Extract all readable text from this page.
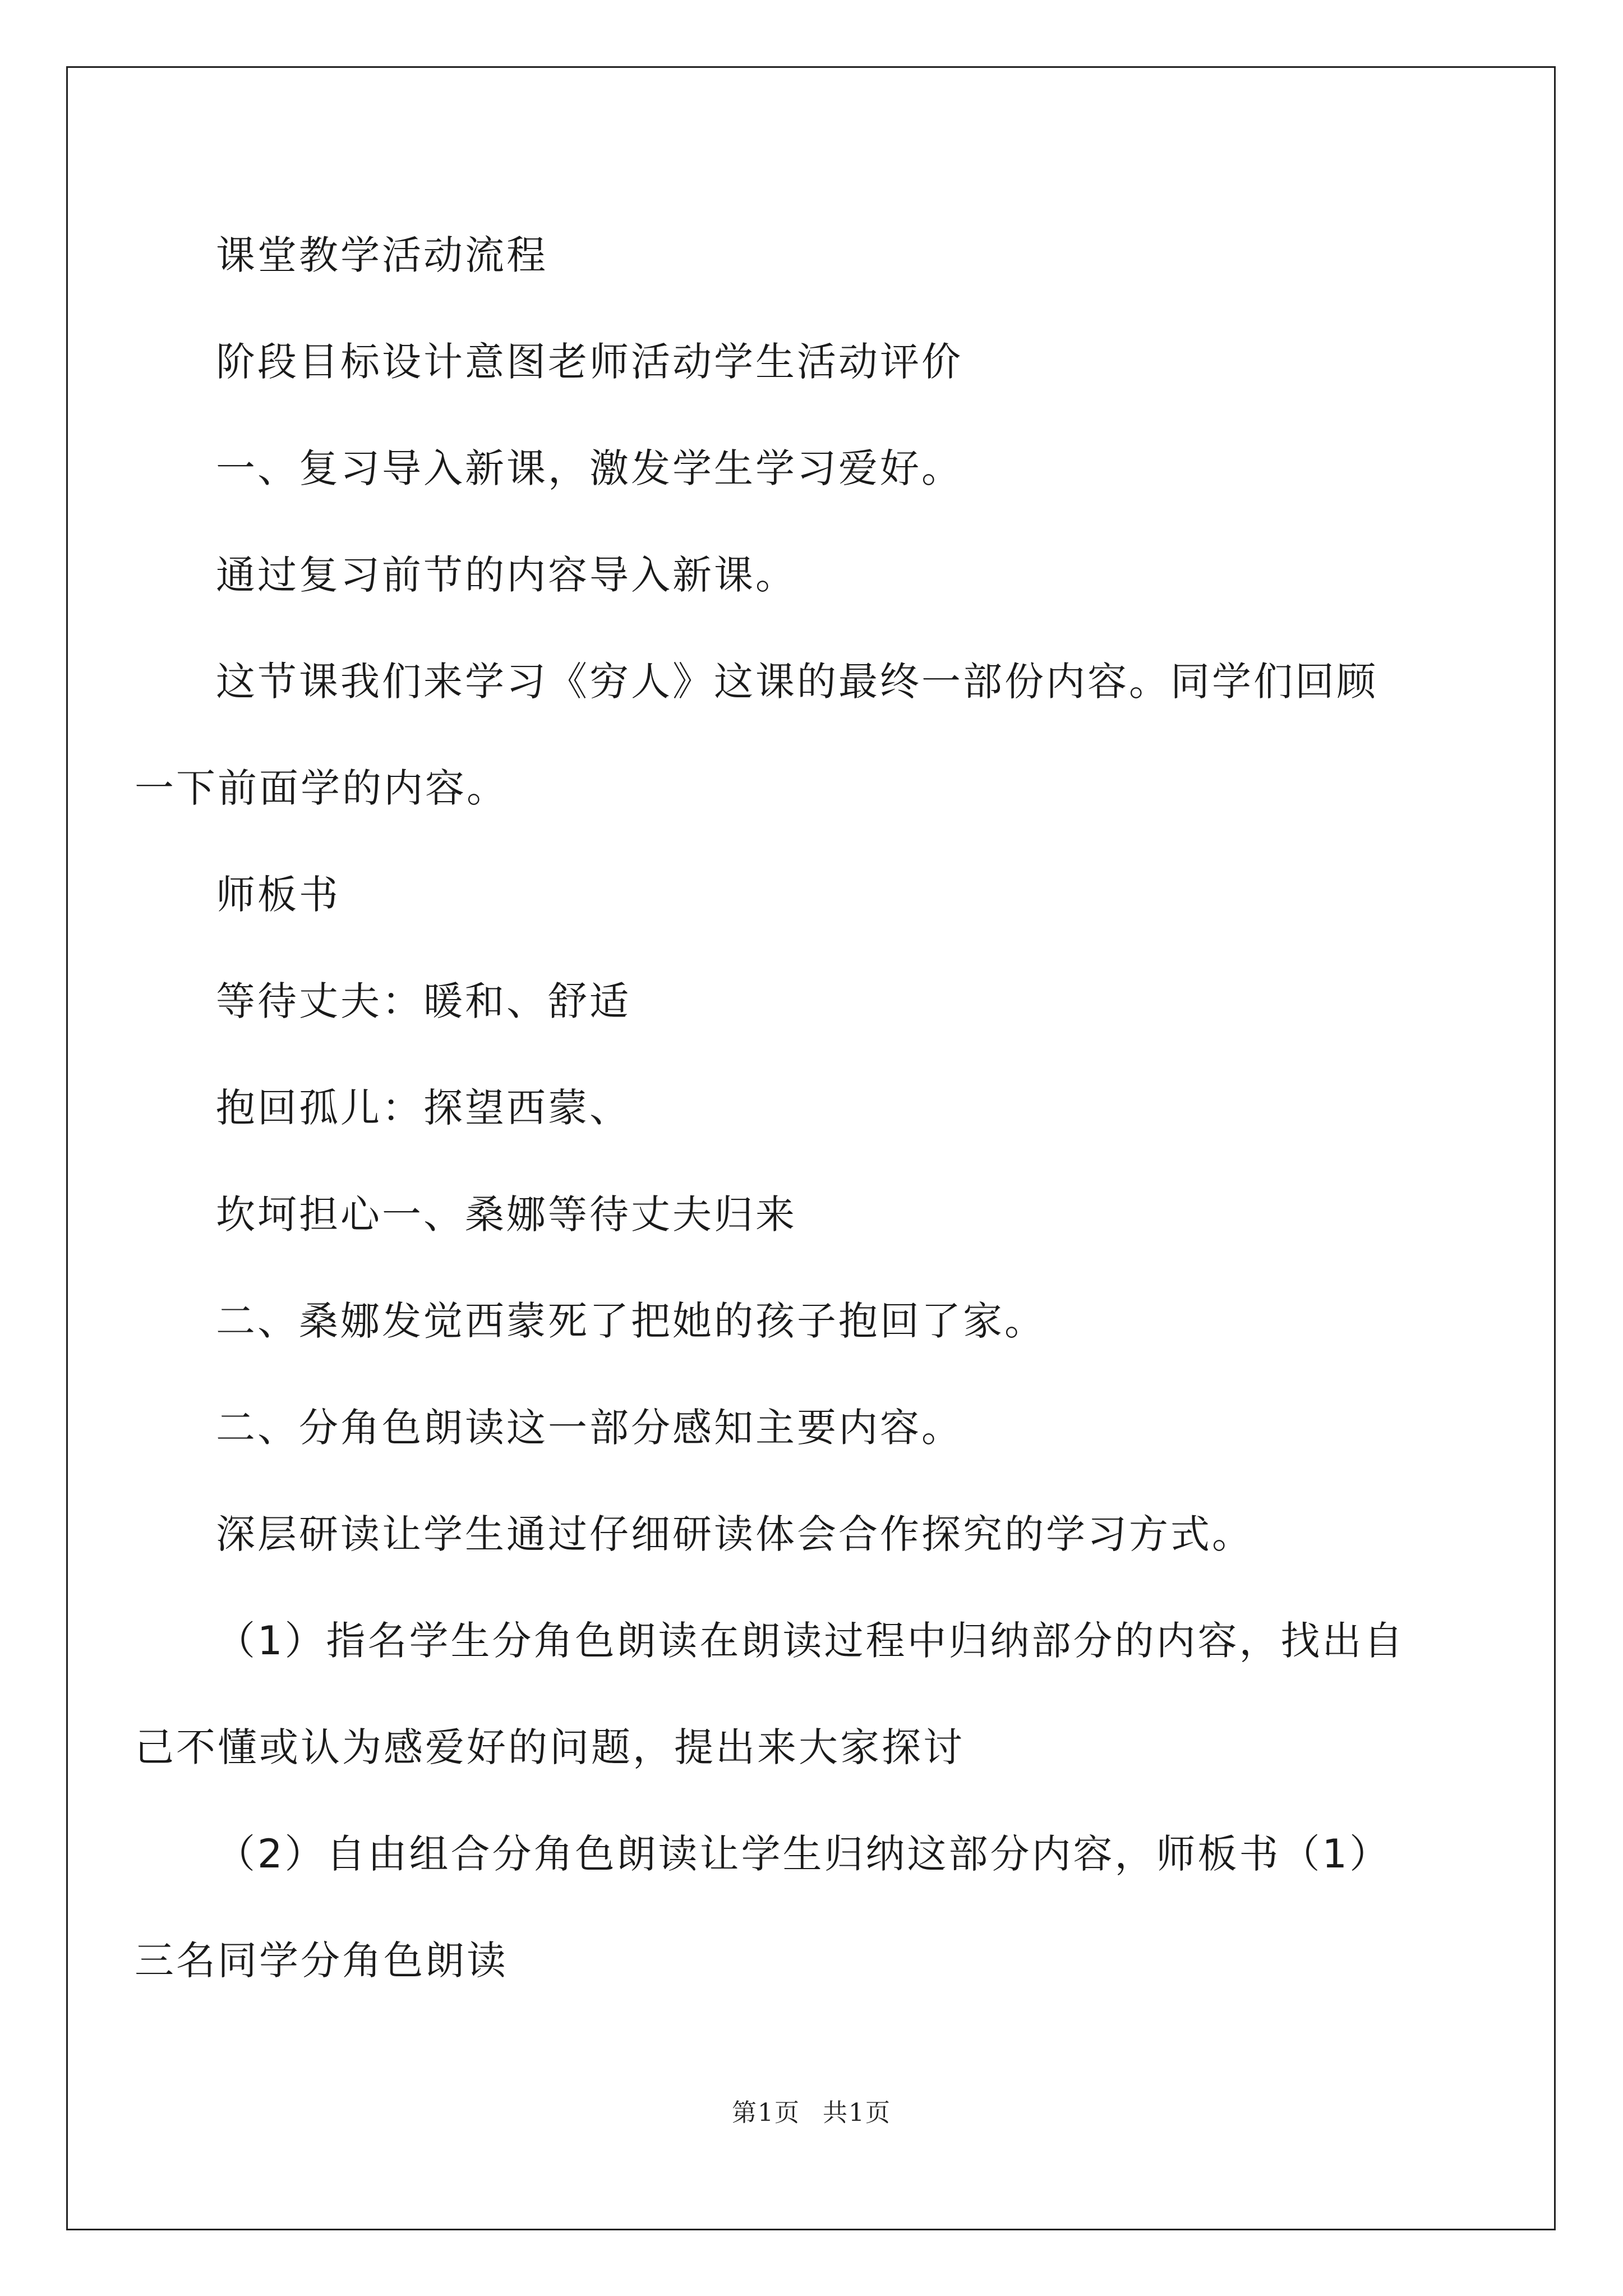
课堂教学活动流程

阶段目标设计意图老师活动学生活动评价

一、复习导入新课，激发学生学习爱好。

通过复习前节的内容导入新课。

这节课我们来学习《穷人》这课的最终一部份内容。同学们回顾

一下前面学的内容。

师板书

等待丈夫：暖和、舒适

抱回孤儿：探望西蒙、

坎坷担心一、桑娜等待丈夫归来

二、桑娜发觉西蒙死了把她的孩子抱回了家。

二、分角色朗读这一部分感知主要内容。

深层研读让学生通过仔细研读体会合作探究的学习方式。

（1）指名学生分角色朗读在朗读过程中归纳部分的内容，找出自

己不懂或认为感爱好的问题，提出来大家探讨

（2）自由组合分角色朗读让学生归纳这部分内容，师板书（1）

三名同学分角色朗读

第1页 共1页
